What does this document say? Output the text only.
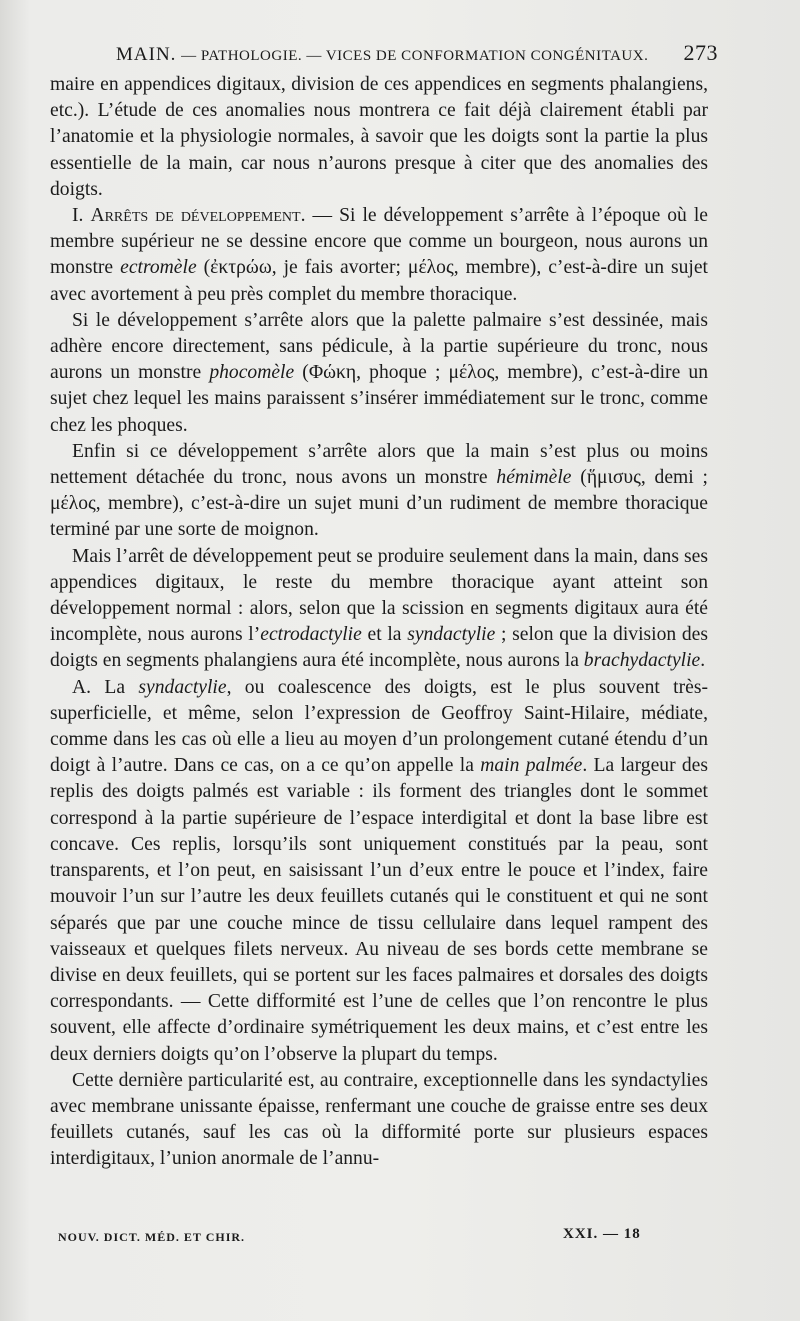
MAIN. — PATHOLOGIE. — VICES DE CONFORMATION CONGÉNITAUX. 273

maire en appendices digitaux, division de ces appendices en segments phalangiens, etc.). L’étude de ces anomalies nous montrera ce fait déjà clairement établi par l’anatomie et la physiologie normales, à savoir que les doigts sont la partie la plus essentielle de la main, car nous n’aurons presque à citer que des anomalies des doigts.

I. Arrêts de développement. — Si le développement s’arrête à l’époque où le membre supérieur ne se dessine encore que comme un bourgeon, nous aurons un monstre ectromèle (ἐκτρώω, je fais avorter; μέλος, membre), c’est-à-dire un sujet avec avortement à peu près complet du membre thoracique.

Si le développement s’arrête alors que la palette palmaire s’est dessinée, mais adhère encore directement, sans pédicule, à la partie supérieure du tronc, nous aurons un monstre phocomèle (Φώκη, phoque ; μέλος, membre), c’est-à-dire un sujet chez lequel les mains paraissent s’insérer immédiatement sur le tronc, comme chez les phoques.

Enfin si ce développement s’arrête alors que la main s’est plus ou moins nettement détachée du tronc, nous avons un monstre hémimèle (ἥμισυς, demi ; μέλος, membre), c’est-à-dire un sujet muni d’un rudiment de membre thoracique terminé par une sorte de moignon.

Mais l’arrêt de développement peut se produire seulement dans la main, dans ses appendices digitaux, le reste du membre thoracique ayant atteint son développement normal : alors, selon que la scission en segments digitaux aura été incomplète, nous aurons l’ectrodactylie et la syndactylie ; selon que la division des doigts en segments phalangiens aura été incomplète, nous aurons la brachydactylie.

A. La syndactylie, ou coalescence des doigts, est le plus souvent très-superficielle, et même, selon l’expression de Geoffroy Saint-Hilaire, médiate, comme dans les cas où elle a lieu au moyen d’un prolongement cutané étendu d’un doigt à l’autre. Dans ce cas, on a ce qu’on appelle la main palmée. La largeur des replis des doigts palmés est variable : ils forment des triangles dont le sommet correspond à la partie supérieure de l’espace interdigital et dont la base libre est concave. Ces replis, lorsqu’ils sont uniquement constitués par la peau, sont transparents, et l’on peut, en saisissant l’un d’eux entre le pouce et l’index, faire mouvoir l’un sur l’autre les deux feuillets cutanés qui le constituent et qui ne sont séparés que par une couche mince de tissu cellulaire dans lequel rampent des vaisseaux et quelques filets nerveux. Au niveau de ses bords cette membrane se divise en deux feuillets, qui se portent sur les faces palmaires et dorsales des doigts correspondants. — Cette difformité est l’une de celles que l’on rencontre le plus souvent, elle affecte d’ordinaire symétriquement les deux mains, et c’est entre les deux derniers doigts qu’on l’observe la plupart du temps.

Cette dernière particularité est, au contraire, exceptionnelle dans les syndactylies avec membrane unissante épaisse, renfermant une couche de graisse entre ses deux feuillets cutanés, sauf les cas où la difformité porte sur plusieurs espaces interdigitaux, l’union anormale de l’annu-

NOUV. DICT. MÉD. ET CHIR.	XXI. — 18
